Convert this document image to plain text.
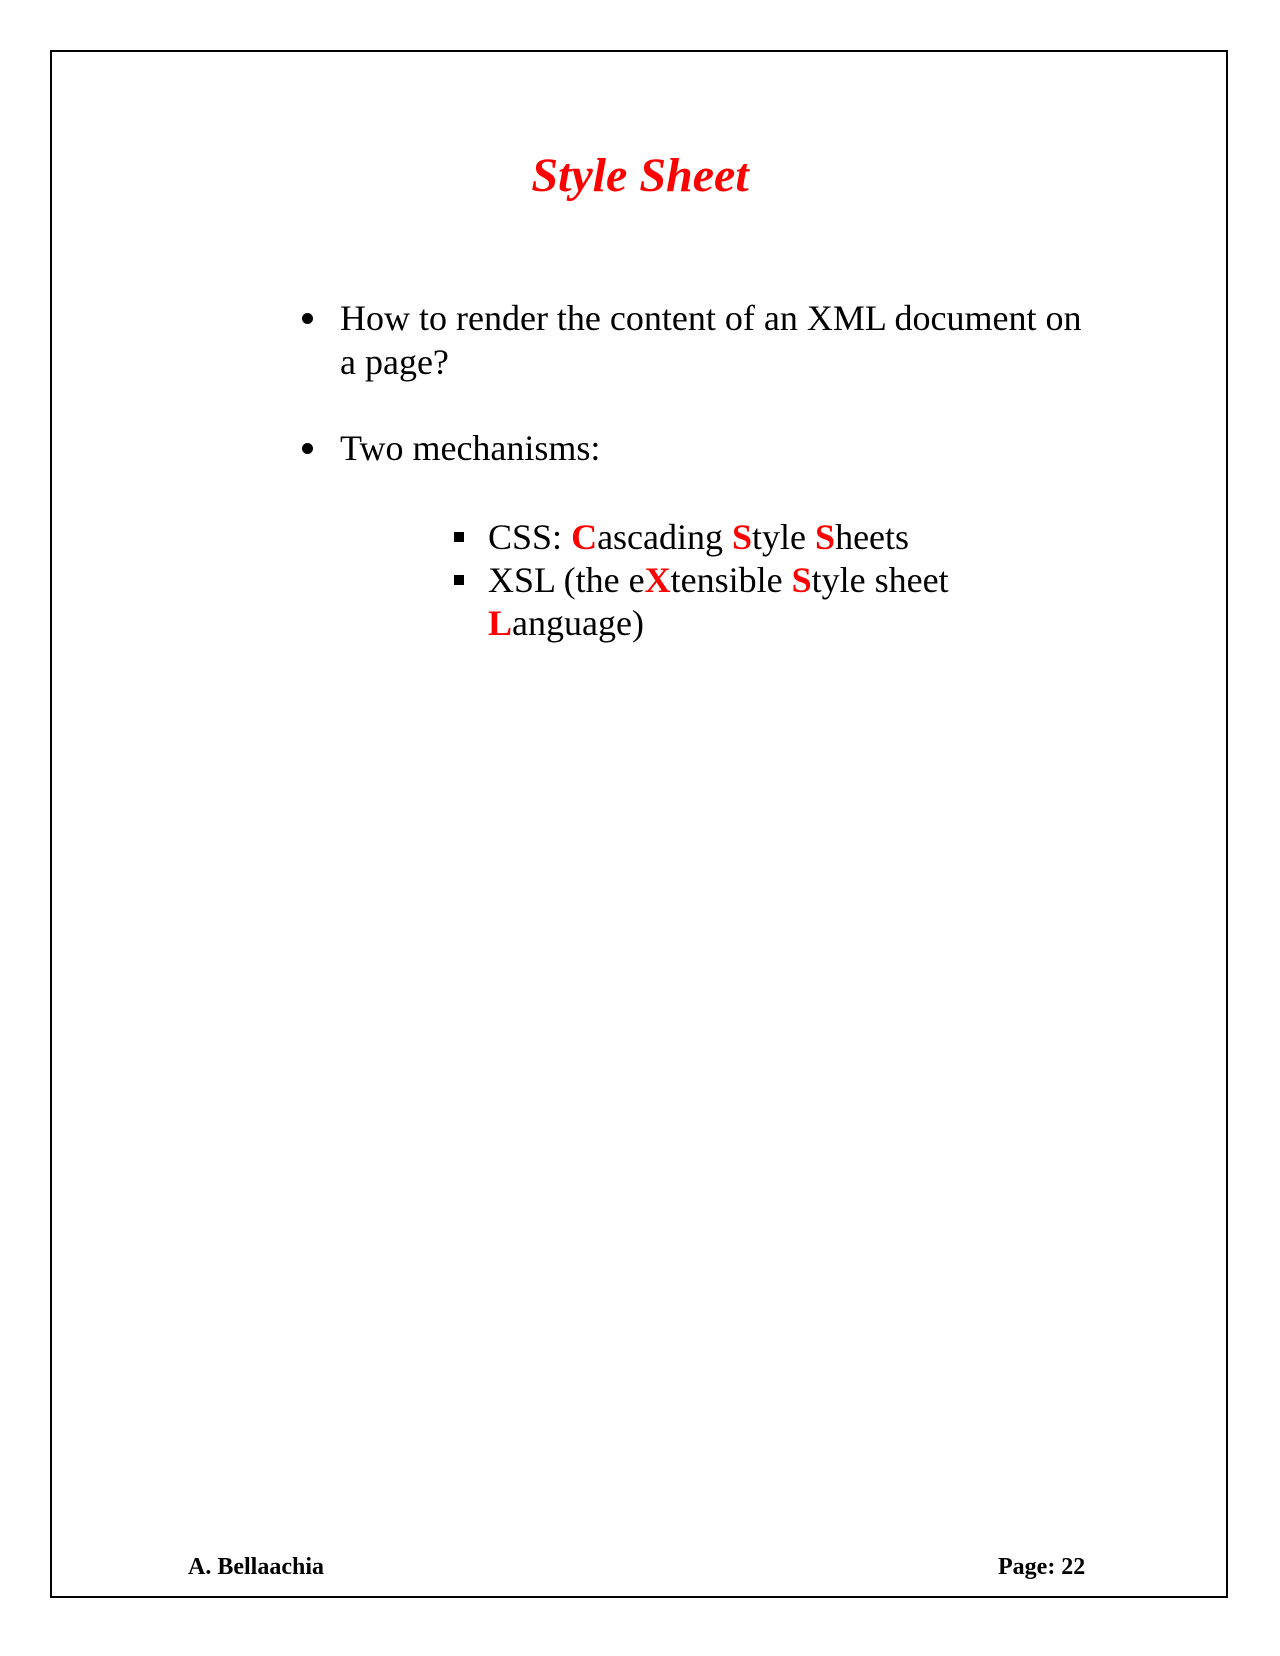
Style Sheet
How to render the content of an XML document on a page?
Two mechanisms:
CSS: Cascading Style Sheets
XSL (the eXtensible Style sheet
Language)
A. Bellaachia	Page: 22
